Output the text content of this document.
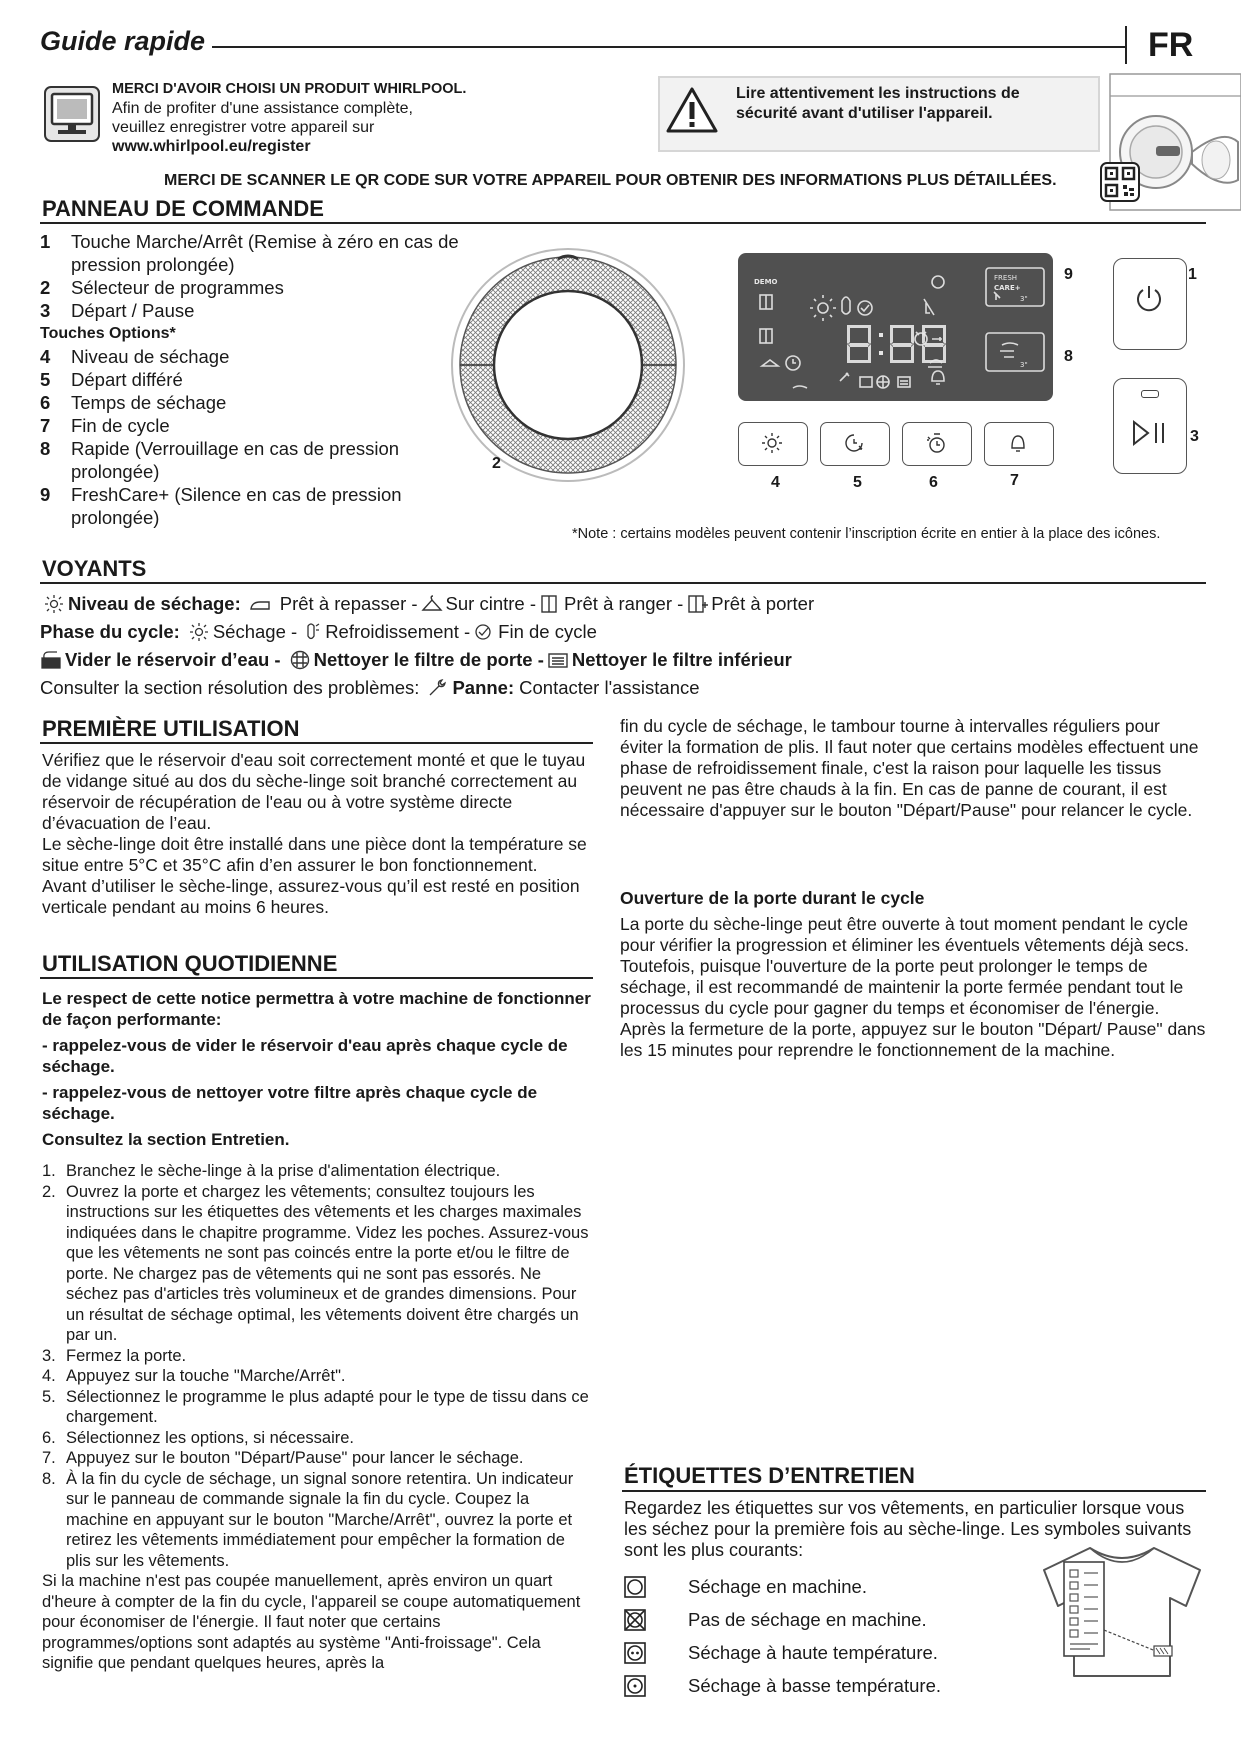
Guide rapide	FR
MERCI D'AVOIR CHOISI UN PRODUIT WHIRLPOOL.
Afin de profiter d'une assistance complète,
veuillez enregistrer votre appareil sur
www.whirlpool.eu/register
Lire attentivement les instructions de sécurité avant d'utiliser l'appareil.
MERCI DE SCANNER LE QR CODE SUR VOTRE APPAREIL POUR OBTENIR DES INFORMATIONS PLUS DÉTAILLÉES.
PANNEAU DE COMMANDE
1	Touche Marche/Arrêt (Remise à zéro en cas de pression prolongée)
2	Sélecteur de programmes
3	Départ / Pause
Touches Options*
4	Niveau de séchage
5	Départ différé
6	Temps de séchage
7	Fin de cycle
8	Rapide (Verrouillage en cas de pression prolongée)
9	FreshCare+ (Silence en cas de pression prolongée)
2
DEMO	FRESH
CARE+
3"
3"
9	1
8
3
4	5	6	7
*Note : certains modèles peuvent contenir l’inscription écrite en entier à la place des icônes.
VOYANTS
Niveau de séchage: Prêt à repasser - Sur cintre - Prêt à ranger - Prêt à porter
Phase du cycle: Séchage - Refroidissement - Fin de cycle
Vider le réservoir d’eau - Nettoyer le filtre de porte - Nettoyer le filtre inférieur
Consulter la section résolution des problèmes: Panne: Contacter l'assistance
PREMIÈRE UTILISATION
Vérifiez que le réservoir d'eau soit correctement monté et que le tuyau de vidange situé au dos du sèche-linge soit branché correctement au réservoir de récupération de l'eau ou à votre système directe d’évacuation de l’eau.
Le sèche-linge doit être installé dans une pièce dont la température se situe entre 5°C et 35°C afin d’en assurer le bon fonctionnement.
Avant d’utiliser le sèche-linge, assurez-vous qu’il est resté en position verticale pendant au moins 6 heures.
UTILISATION QUOTIDIENNE
Le respect de cette notice permettra à votre machine de fonctionner de façon performante:
- rappelez-vous de vider le réservoir d'eau après chaque cycle de séchage.
- rappelez-vous de nettoyer votre filtre après chaque cycle de séchage.
Consultez la section Entretien.
1. Branchez le sèche-linge à la prise d'alimentation électrique.
2. Ouvrez la porte et chargez les vêtements; consultez toujours les instructions sur les étiquettes des vêtements et les charges maximales indiquées dans le chapitre programme. Videz les poches. Assurez-vous que les vêtements ne sont pas coincés entre la porte et/ou le filtre de porte. Ne chargez pas de vêtements qui ne sont pas essorés. Ne séchez pas d'articles très volumineux et de grandes dimensions. Pour un résultat de séchage optimal, les vêtements doivent être chargés un par un.
3. Fermez la porte.
4. Appuyez sur la touche "Marche/Arrêt".
5. Sélectionnez le programme le plus adapté pour le type de tissu dans ce chargement.
6. Sélectionnez les options, si nécessaire.
7. Appuyez sur le bouton "Départ/Pause" pour lancer le séchage.
8. À la fin du cycle de séchage, un signal sonore retentira. Un indicateur sur le panneau de commande signale la fin du cycle. Coupez la machine en appuyant sur le bouton "Marche/Arrêt", ouvrez la porte et retirez les vêtements immédiatement pour empêcher la formation de plis sur les vêtements.
Si la machine n'est pas coupée manuellement, après environ un quart d'heure à compter de la fin du cycle, l'appareil se coupe automatiquement pour économiser de l'énergie. Il faut noter que certains programmes/options sont adaptés au système "Anti-froissage". Cela signifie que pendant quelques heures, après la
fin du cycle de séchage, le tambour tourne à intervalles réguliers pour éviter la formation de plis. Il faut noter que certains modèles effectuent une phase de refroidissement finale, c'est la raison pour laquelle les tissus peuvent ne pas être chauds à la fin. En cas de panne de courant, il est nécessaire d'appuyer sur le bouton "Départ/Pause" pour relancer le cycle.
Ouverture de la porte durant le cycle
La porte du sèche-linge peut être ouverte à tout moment pendant le cycle pour vérifier la progression et éliminer les éventuels vêtements déjà secs.
Toutefois, puisque l'ouverture de la porte peut prolonger le temps de séchage, il est recommandé de maintenir la porte fermée pendant tout le processus du cycle pour gagner du temps et économiser de l'énergie.
Après la fermeture de la porte, appuyez sur le bouton "Départ/ Pause" dans les 15 minutes pour reprendre le fonctionnement de la machine.
ÉTIQUETTES D’ENTRETIEN
Regardez les étiquettes sur vos vêtements, en particulier lorsque vous les séchez pour la première fois au sèche-linge. Les symboles suivants sont les plus courants:
Séchage en machine.
Pas de séchage en machine.
Séchage à haute température.
Séchage à basse température.
